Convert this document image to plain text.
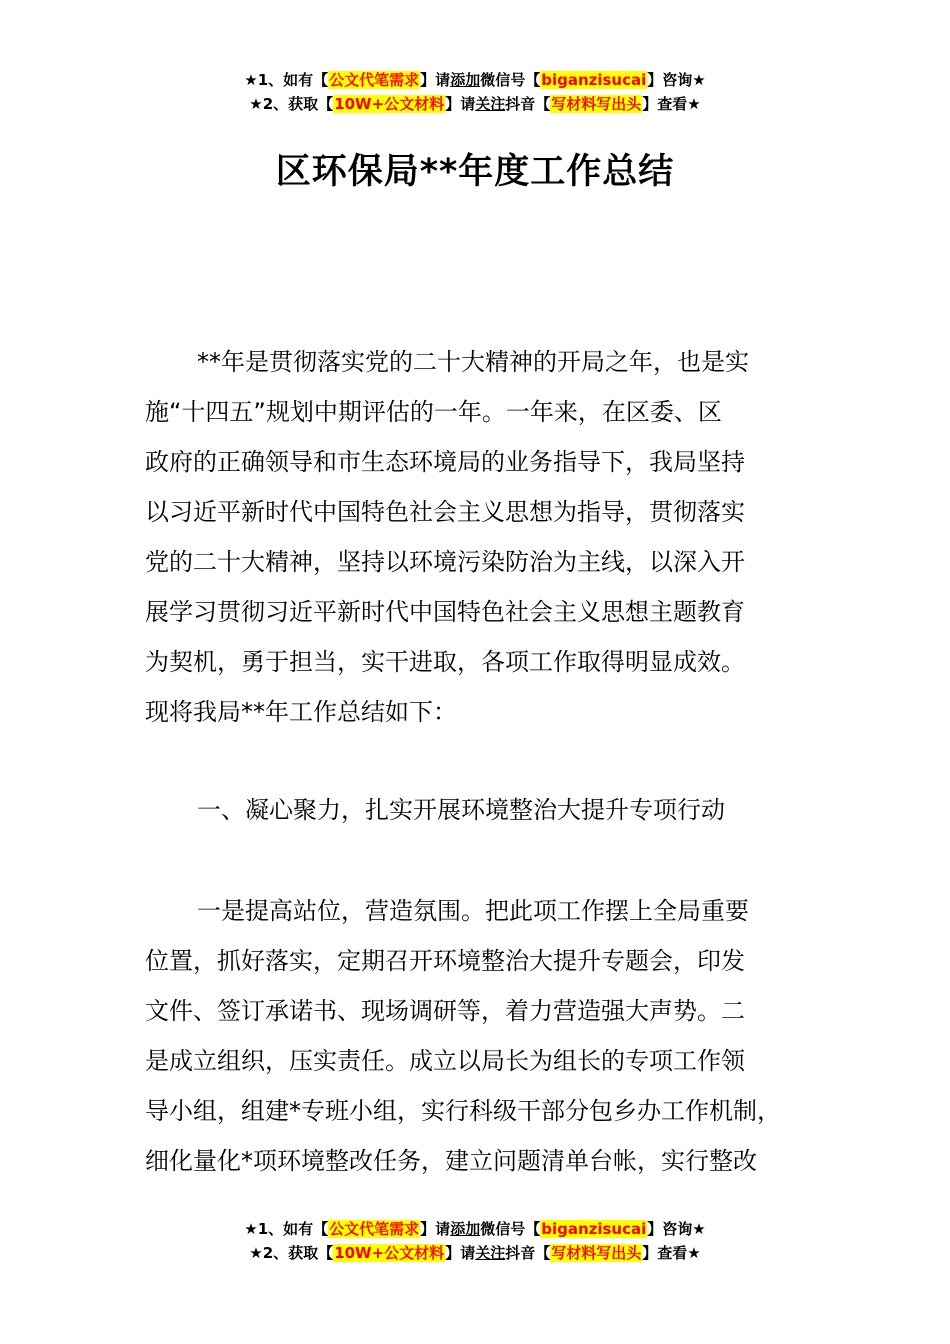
★1、如有【公文代笔需求】请添加微信号【biganzisucai】咨询★
★2、获取【10W+公文材料】请关注抖音【写材料写出头】查看★
区环保局**年度工作总结
**年是贯彻落实党的二十大精神的开局之年，也是实
施“十四五”规划中期评估的一年。一年来，在区委、区
政府的正确领导和市生态环境局的业务指导下，我局坚持
以习近平新时代中国特色社会主义思想为指导，贯彻落实
党的二十大精神，坚持以环境污染防治为主线，以深入开
展学习贯彻习近平新时代中国特色社会主义思想主题教育
为契机，勇于担当，实干进取，各项工作取得明显成效。
现将我局**年工作总结如下：
一、凝心聚力，扎实开展环境整治大提升专项行动
一是提高站位，营造氛围。把此项工作摆上全局重要
位置，抓好落实，定期召开环境整治大提升专题会，印发
文件、签订承诺书、现场调研等，着力营造强大声势。二
是成立组织，压实责任。成立以局长为组长的专项工作领
导小组，组建*专班小组，实行科级干部分包乡办工作机制，
细化量化*项环境整改任务，建立问题清单台帐，实行整改
★1、如有【公文代笔需求】请添加微信号【biganzisucai】咨询★
★2、获取【10W+公文材料】请关注抖音【写材料写出头】查看★
